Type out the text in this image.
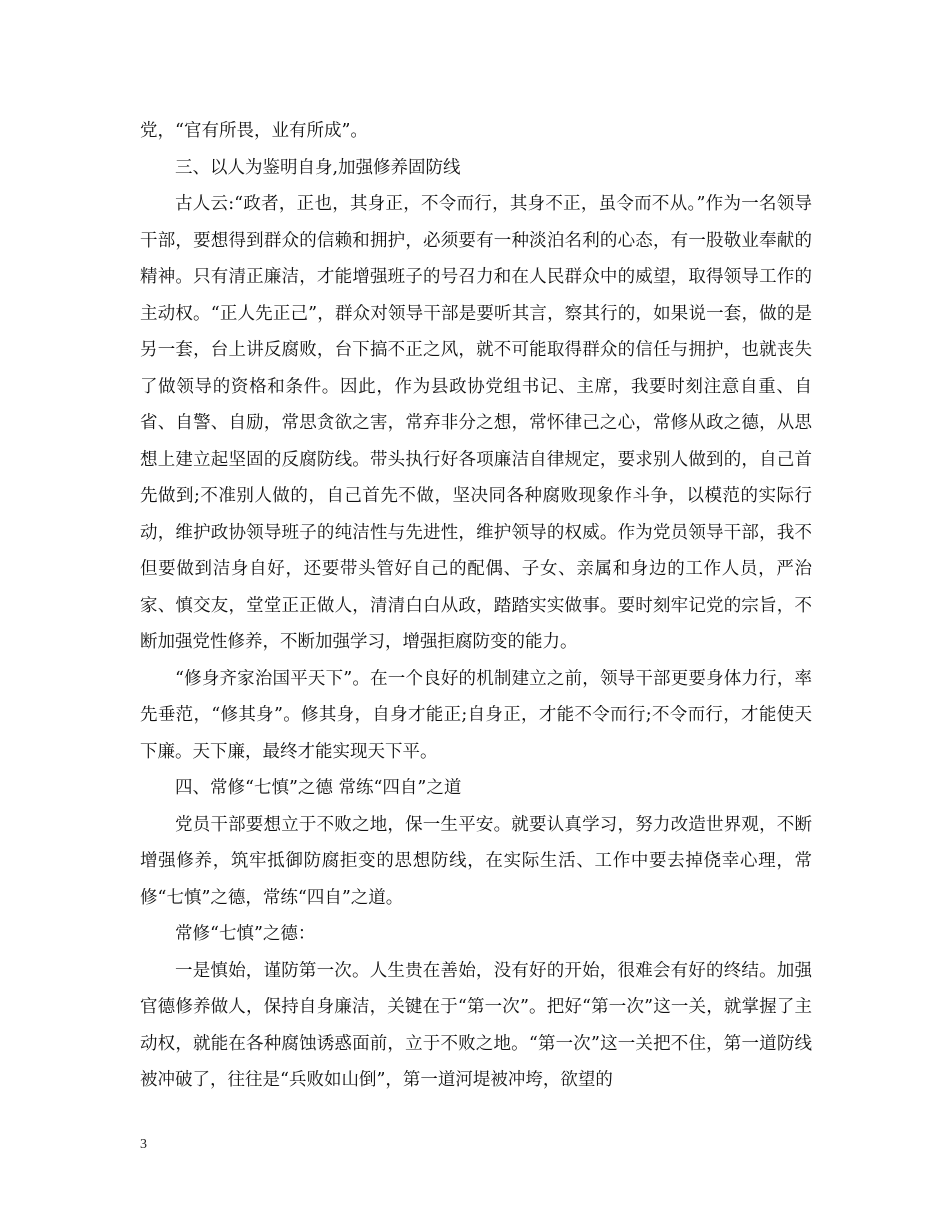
党，“官有所畏，业有所成”。

三、以人为鉴明自身,加强修养固防线

古人云:“政者，正也，其身正，不令而行，其身不正，虽令而不从。”作为一名领导干部，要想得到群众的信赖和拥护，必须要有一种淡泊名利的心态，有一股敬业奉献的精神。只有清正廉洁，才能增强班子的号召力和在人民群众中的威望，取得领导工作的主动权。“正人先正己”，群众对领导干部是要听其言，察其行的，如果说一套，做的是另一套，台上讲反腐败，台下搞不正之风，就不可能取得群众的信任与拥护，也就丧失了做领导的资格和条件。因此，作为县政协党组书记、主席，我要时刻注意自重、自省、自警、自励，常思贪欲之害，常弃非分之想，常怀律己之心，常修从政之德，从思想上建立起坚固的反腐防线。带头执行好各项廉洁自律规定，要求别人做到的，自己首先做到;不准别人做的，自己首先不做，坚决同各种腐败现象作斗争，以模范的实际行动，维护政协领导班子的纯洁性与先进性，维护领导的权威。作为党员领导干部，我不但要做到洁身自好，还要带头管好自己的配偶、子女、亲属和身边的工作人员，严治家、慎交友，堂堂正正做人，清清白白从政，踏踏实实做事。要时刻牢记党的宗旨，不断加强党性修养，不断加强学习，增强拒腐防变的能力。

“修身齐家治国平天下”。在一个良好的机制建立之前，领导干部更要身体力行，率先垂范，“修其身”。修其身，自身才能正;自身正，才能不令而行;不令而行，才能使天下廉。天下廉，最终才能实现天下平。

四、常修“七慎”之德 常练“四自”之道

党员干部要想立于不败之地，保一生平安。就要认真学习，努力改造世界观，不断增强修养，筑牢抵御防腐拒变的思想防线，在实际生活、工作中要去掉侥幸心理，常修“七慎”之德，常练“四自”之道。

常修“七慎”之德：

一是慎始，谨防第一次。人生贵在善始，没有好的开始，很难会有好的终结。加强官德修养做人，保持自身廉洁，关键在于“第一次”。把好“第一次”这一关，就掌握了主动权，就能在各种腐蚀诱惑面前，立于不败之地。“第一次”这一关把不住，第一道防线被冲破了，往往是“兵败如山倒”，第一道河堤被冲垮，欲望的

3
